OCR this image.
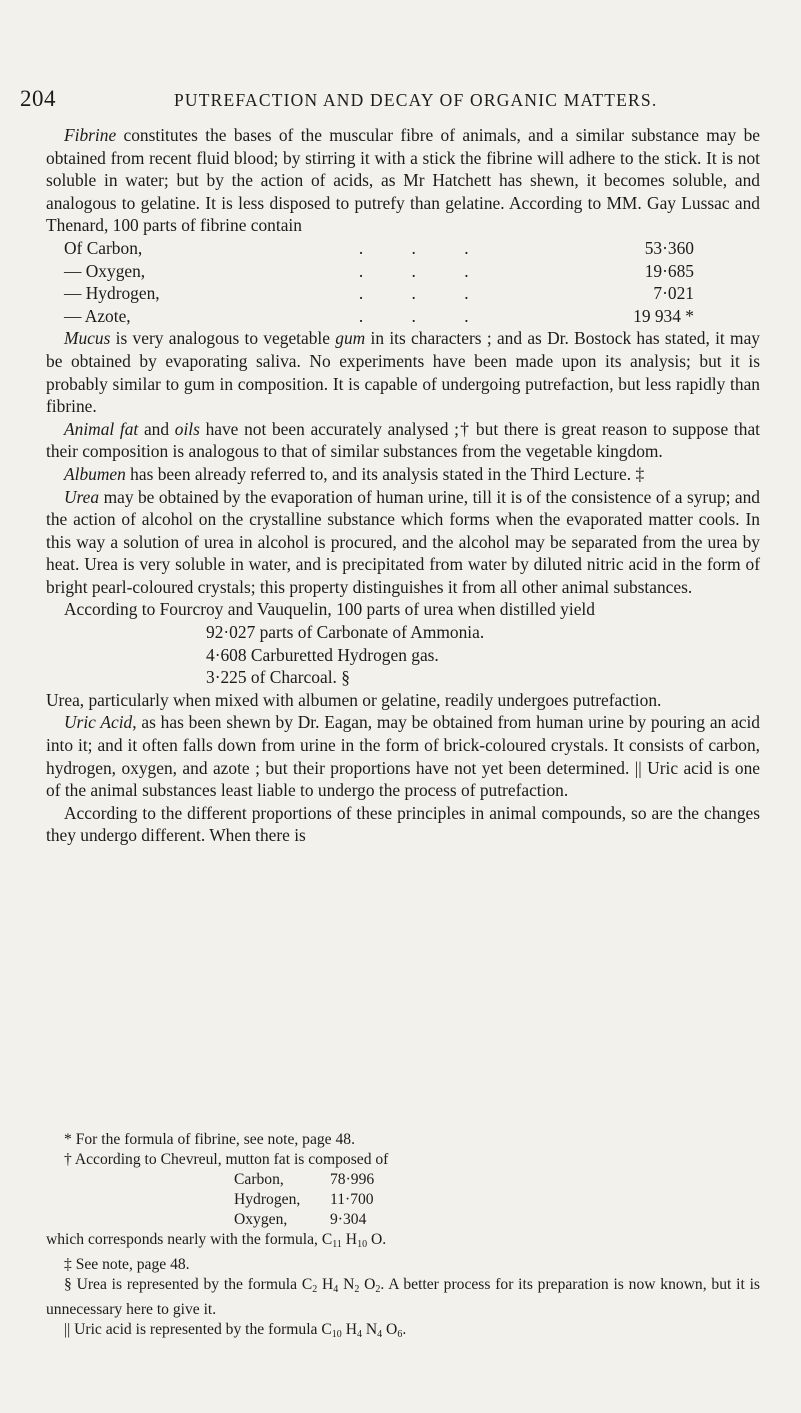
204	PUTREFACTION AND DECAY OF ORGANIC MATTERS.

Fibrine constitutes the bases of the muscular fibre of animals, and a similar substance may be obtained from recent fluid blood; by stirring it with a stick the fibrine will adhere to the stick. It is not soluble in water; but by the action of acids, as Mr Hatchett has shewn, it becomes soluble, and analogous to gelatine. It is less disposed to putrefy than gelatine. According to MM. Gay Lussac and Thenard, 100 parts of fibrine contain

Of Carbon,	. . .	53·360
— Oxygen,	. . .	19·685
— Hydrogen,	. . .	7·021
— Azote,	. . .	19 934 *

Mucus is very analogous to vegetable gum in its characters ; and as Dr. Bostock has stated, it may be obtained by evaporating saliva. No experiments have been made upon its analysis; but it is probably similar to gum in composition. It is capable of undergoing putrefaction, but less rapidly than fibrine.

Animal fat and oils have not been accurately analysed ;† but there is great reason to suppose that their composition is analogous to that of similar substances from the vegetable kingdom.

Albumen has been already referred to, and its analysis stated in the Third Lecture. ‡

Urea may be obtained by the evaporation of human urine, till it is of the consistence of a syrup; and the action of alcohol on the crystalline substance which forms when the evaporated matter cools. In this way a solution of urea in alcohol is procured, and the alcohol may be separated from the urea by heat. Urea is very soluble in water, and is precipitated from water by diluted nitric acid in the form of bright pearl-coloured crystals; this property distinguishes it from all other animal substances.

According to Fourcroy and Vauquelin, 100 parts of urea when distilled yield

92·027 parts of Carbonate of Ammonia.
4·608 Carburetted Hydrogen gas.
3·225 of Charcoal. §

Urea, particularly when mixed with albumen or gelatine, readily undergoes putrefaction.

Uric Acid, as has been shewn by Dr. Eagan, may be obtained from human urine by pouring an acid into it; and it often falls down from urine in the form of brick-coloured crystals. It consists of carbon, hydrogen, oxygen, and azote ; but their proportions have not yet been determined. || Uric acid is one of the animal substances least liable to undergo the process of putrefaction.

According to the different proportions of these principles in animal compounds, so are the changes they undergo different. When there is

* For the formula of fibrine, see note, page 48.

† According to Chevreul, mutton fat is composed of

Carbon,	78·996
Hydrogen, 11·700
Oxygen,	9·304

which corresponds nearly with the formula, $C_{11}$ $H_{10}$ O.

‡ See note, page 48.

§ Urea is represented by the formula $C_2$ $H_4$ $N_2$ $O_2$. A better process for its preparation is now known, but it is unnecessary here to give it.

|| Uric acid is represented by the formula $C_{10}$ $H_4$ $N_4$ $O_6$.
